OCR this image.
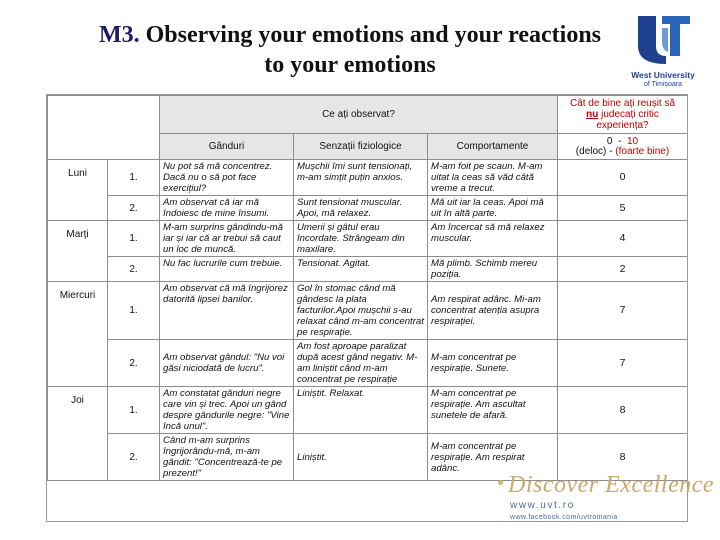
M3. Observing your emotions and your reactions
to your emotions	West University
of Timișoara
		Ce ați observat?			Cât de bine ați reușit să
nu judecați critic experiența?
		Gânduri	Senzații fiziologice	Comportamente	0 - 10
(deloc) - (foarte bine)
Luni	1.	Nu pot să mă concentrez. Dacă nu o să pot face exercițiul?	Mușchii îmi sunt tensionați, m-am simțit puțin anxios.	M-am foit pe scaun. M-am uitat la ceas să văd câtă vreme a trecut.	0
	2.	Am observat că iar mă îndoiesc de mine însumi.	Sunt tensionat muscular. Apoi, mă relaxez.	Mă uit iar la ceas. Apoi mă uit în altă parte.	5
Marți	1.	M-am surprins gândindu-mă iar și iar că ar trebui să caut un loc de muncă.	Umerii și gâtul erau încordate. Strângeam din maxilare.	Am încercat să mă relaxez muscular.	4
	2.	Nu fac lucrurile cum trebuie.	Tensionat. Agitat.	Mă plimb. Schimb mereu poziția.	2
Miercuri	1.	Am observat că mă îngrijorez datorită lipsei banilor.	Gol în stomac când mă gândesc la plata facturilor.Apoi mușchii s-au relaxat când m-am concentrat pe respirație.	Am respirat adânc. Mi-am concentrat atenția asupra respirației.	7
	2.	Am observat gândul: "Nu voi găsi niciodată de lucru".	Am fost aproape paralizat după acest gând negativ. M-am liniștit când m-am concentrat pe respirație	M-am concentrat pe respirație. Sunete.	7
Joi	1.	Am constatat gânduri negre care vin și trec. Apoi un gând despre gândurile negre: "Vine încă unul".	Liniștit. Relaxat.	M-am concentrat pe respirație. Am ascultat sunetele de afară.	8
	2.	Când m-am surprins îngrijorându-mă, m-am gândit: "Concentrează-te pe prezent!"	Liniștit.	M-am concentrat pe respirație. Am respirat adânc.	8
Discover Excellence
www.uvt.ro
www.facebook.com/uvtromania
